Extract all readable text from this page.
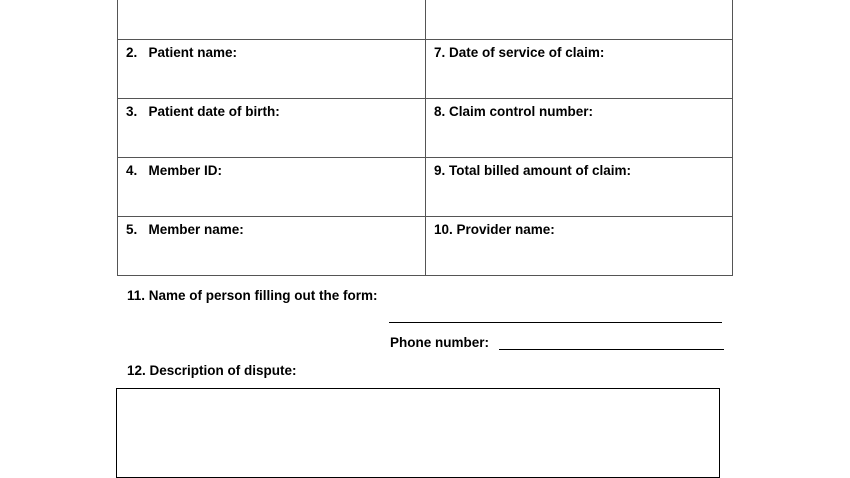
2.   Patient name:
3.   Patient date of birth:
4.   Member ID:
5.   Member name:
7. Date of service of claim:
8. Claim control number:
9. Total billed amount of claim:
10. Provider name:
11. Name of person filling out the form:
Phone number:
12. Description of dispute:
